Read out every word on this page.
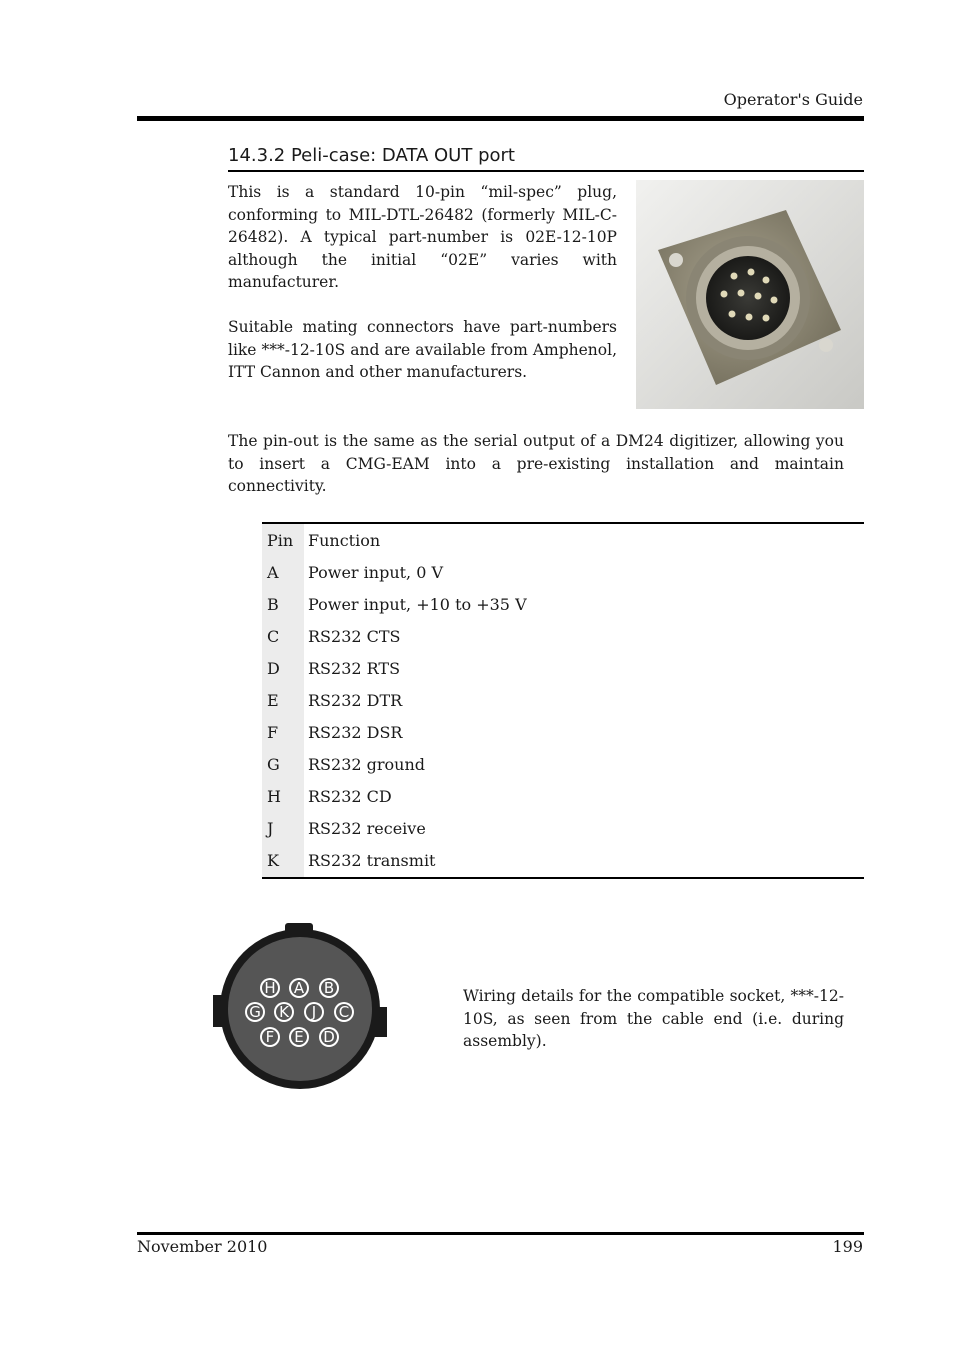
Operator's Guide
14.3.2 Peli-case: DATA OUT port
This is a standard 10-pin “mil-spec” plug, conforming to MIL-DTL-26482 (formerly MIL-C-26482). A typical part-number is 02E-12-10P although the initial “02E” varies with manufacturer.
Suitable mating connectors have part-numbers like ***-12-10S and are available from Amphenol, ITT Cannon and other manufacturers.
The pin-out is the same as the serial output of a DM24 digitizer, allowing you to insert a CMG-EAM into a pre-existing installation and maintain connectivity.
Pin Function
A	Power input, 0 V
B	Power input, +10 to +35 V
C	RS232 CTS
D	RS232 RTS
E	RS232 DTR
F	RS232 DSR
G	RS232 ground
H	RS232 CD
J	RS232 receive
K	RS232 transmit
H A B
G K J C
F E D
Wiring details for the compatible socket, ***-12-10S, as seen from the cable end (i.e. during assembly).
November 2010	199
